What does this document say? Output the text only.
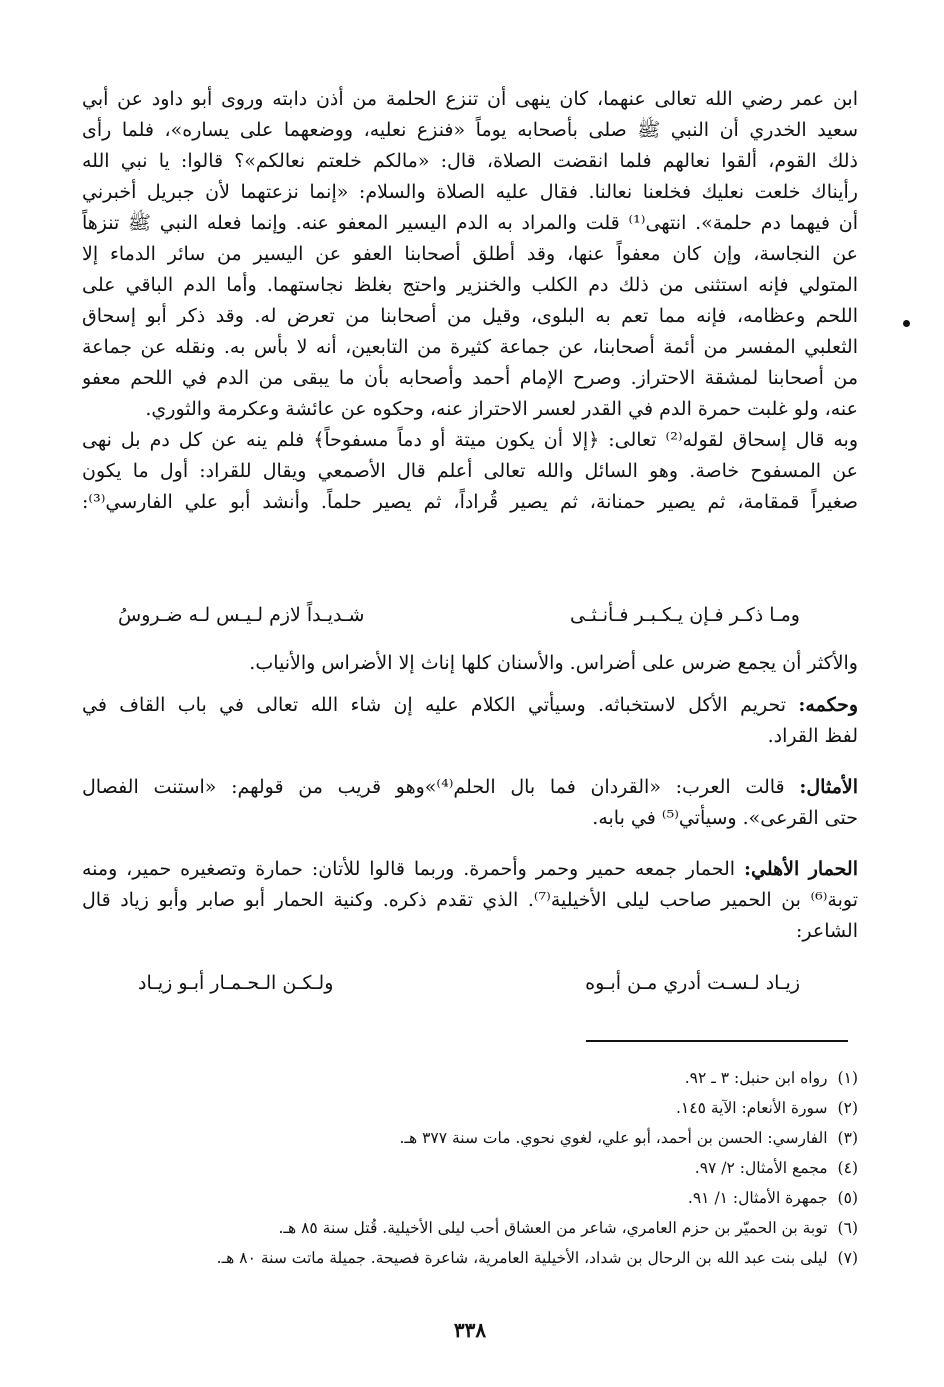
ابن عمر رضي الله تعالى عنهما، كان ينهى أن تنزع الحلمة من أذن دابته وروى أبو داود عن أبي
سعيد الخدري أن النبي ﷺ صلى بأصحابه يوماً «فنزع نعليه، ووضعهما على يساره»، فلما رأى
ذلك القوم، ألقوا نعالهم فلما انقضت الصلاة، قال: «مالكم خلعتم نعالكم»؟ قالوا: يا نبي الله
رأيناك خلعت نعليك فخلعنا نعالنا. فقال عليه الصلاة والسلام: «إنما نزعتهما لأن جبريل أخبرني
أن فيهما دم حلمة». انتهى⁽¹⁾ قلت والمراد به الدم اليسير المعفو عنه. وإنما فعله النبي ﷺ تنزهاً
عن النجاسة، وإن كان معفواً عنها، وقد أطلق أصحابنا العفو عن اليسير من سائر الدماء إلا
المتولي فإنه استثنى من ذلك دم الكلب والخنزير واحتج بغلظ نجاستهما. وأما الدم الباقي على
اللحم وعظامه، فإنه مما تعم به البلوى، وقيل من أصحابنا من تعرض له. وقد ذكر أبو إسحاق
الثعلبي المفسر من أئمة أصحابنا، عن جماعة كثيرة من التابعين، أنه لا بأس به. ونقله عن جماعة
من أصحابنا لمشقة الاحتراز. وصرح الإمام أحمد وأصحابه بأن ما يبقى من الدم في اللحم معفو
عنه، ولو غلبت حمرة الدم في القدر لعسر الاحتراز عنه، وحكوه عن عائشة وعكرمة والثوري.
وبه قال إسحاق لقوله⁽²⁾ تعالى: ﴿إلا أن يكون ميتة أو دماً مسفوحاً﴾ فلم ينه عن كل دم بل نهى
عن المسفوح خاصة. وهو السائل والله تعالى أعلم قال الأصمعي ويقال للقراد: أول ما يكون
صغيراً قمقامة، ثم يصير حمنانة، ثم يصير قُراداً، ثم يصير حلماً. وأنشد أبو علي الفارسي⁽³⁾:
ومـا ذكـر فـإن يـكـبـر فـأنـثـى
شـديـداً لازم لـيـس لـه ضـروسُ
والأكثر أن يجمع ضرس على أضراس. والأسنان كلها إناث إلا الأضراس والأنياب.
وحكمه: تحريم الأكل لاستخباثه. وسيأتي الكلام عليه إن شاء الله تعالى في باب القاف في
لفظ القراد.
الأمثال: قالت العرب: «القردان فما بال الحلم⁽⁴⁾»وهو قريب من قولهم: «استنت الفصال
حتى القرعى». وسيأتي⁽⁵⁾ في بابه.
الحمار الأهلي: الحمار جمعه حمير وحمر وأحمرة. وربما قالوا للأتان: حمارة وتصغيره حمير، ومنه
توبة⁽⁶⁾ بن الحمير صاحب ليلى الأخيلية⁽⁷⁾. الذي تقدم ذكره. وكنية الحمار أبو صابر وأبو زياد قال
الشاعر:
زيـاد لـسـت أدري مـن أبـوه
ولـكـن الـحـمـار أبـو زيـاد
(١)رواه ابن حنبل: ٣ ـ ٩٢.
(٢)سورة الأنعام: الآية ١٤٥.
(٣)الفارسي: الحسن بن أحمد، أبو علي، لغوي نحوي. مات سنة ٣٧٧ هـ.
(٤)مجمع الأمثال: ٢/ ٩٧.
(٥)جمهرة الأمثال: ١/ ٩١.
(٦)توبة بن الحميّر بن حزم العامري، شاعر من العشاق أحب ليلى الأخيلية. قُتل سنة ٨٥ هـ.
(٧)ليلى بنت عبد الله بن الرحال بن شداد، الأخيلية العامرية، شاعرة فصيحة. جميلة ماتت سنة ٨٠ هـ.
٣٣٨
